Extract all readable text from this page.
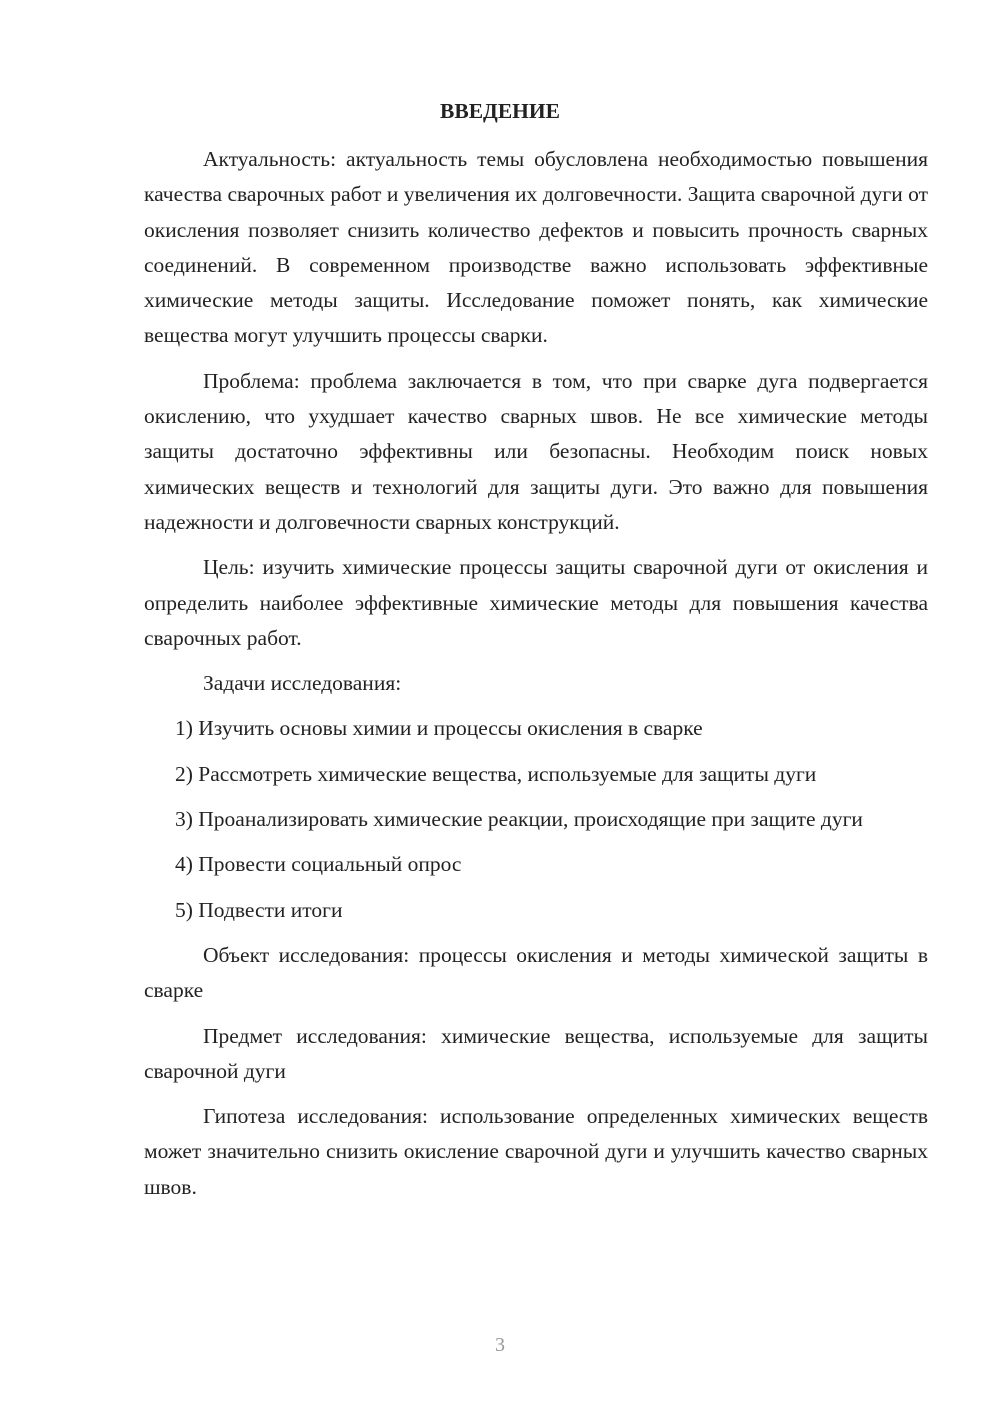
ВВЕДЕНИЕ

Актуальность: актуальность темы обусловлена необходимостью повышения качества сварочных работ и увеличения их долговечности. Защита сварочной дуги от окисления позволяет снизить количество дефектов и повысить прочность сварных соединений. В современном производстве важно использовать эффективные химические методы защиты. Исследование поможет понять, как химические вещества могут улучшить процессы сварки.

Проблема: проблема заключается в том, что при сварке дуга подвергается окислению, что ухудшает качество сварных швов. Не все химические методы защиты достаточно эффективны или безопасны. Необходим поиск новых химических веществ и технологий для защиты дуги. Это важно для повышения надежности и долговечности сварных конструкций.

Цель: изучить химические процессы защиты сварочной дуги от окисления и определить наиболее эффективные химические методы для повышения качества сварочных работ.

Задачи исследования:

1) Изучить основы химии и процессы окисления в сварке

2) Рассмотреть химические вещества, используемые для защиты дуги

3) Проанализировать химические реакции, происходящие при защите дуги

4) Провести социальный опрос

5) Подвести итоги

Объект исследования: процессы окисления и методы химической защиты в сварке

Предмет исследования: химические вещества, используемые для защиты сварочной дуги

Гипотеза исследования: использование определенных химических веществ может значительно снизить окисление сварочной дуги и улучшить качество сварных швов.

3
